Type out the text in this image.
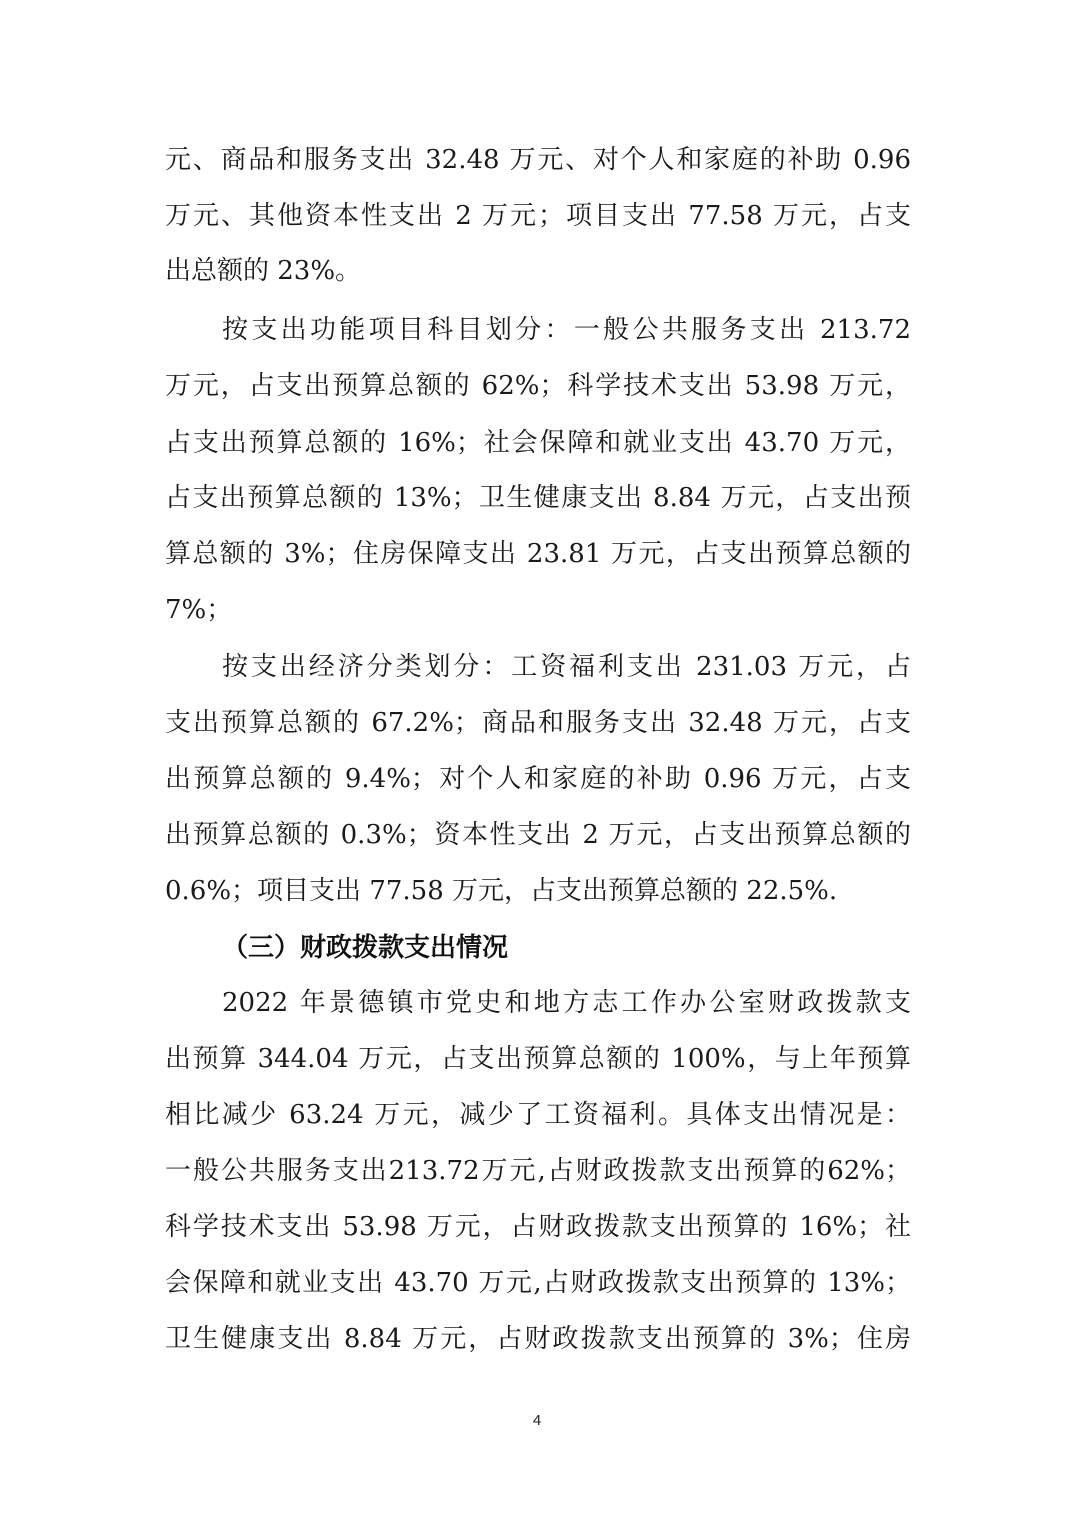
元、商品和服务支出 32.48 万元、对个人和家庭的补助 0.96
万元、其他资本性支出 2 万元；项目支出 77.58 万元，占支
出总额的 23%。
按支出功能项目科目划分：一般公共服务支出 213.72
万元，占支出预算总额的 62%；科学技术支出 53.98 万元，
占支出预算总额的 16%；社会保障和就业支出 43.70 万元，
占支出预算总额的 13%；卫生健康支出 8.84 万元，占支出预
算总额的 3%；住房保障支出 23.81 万元，占支出预算总额的
7%；
按支出经济分类划分：工资福利支出 231.03 万元，占
支出预算总额的 67.2%；商品和服务支出 32.48 万元，占支
出预算总额的 9.4%；对个人和家庭的补助 0.96 万元，占支
出预算总额的 0.3%；资本性支出 2 万元，占支出预算总额的
0.6%；项目支出 77.58 万元，占支出预算总额的 22.5%.
（三）财政拨款支出情况
2022 年景德镇市党史和地方志工作办公室财政拨款支
出预算 344.04 万元，占支出预算总额的 100%，与上年预算
相比减少 63.24 万元，减少了工资福利。具体支出情况是：
一般公共服务支出213.72万元,占财政拨款支出预算的62%；
科学技术支出 53.98 万元，占财政拨款支出预算的 16%；社
会保障和就业支出 43.70 万元,占财政拨款支出预算的 13%；
卫生健康支出 8.84 万元，占财政拨款支出预算的 3%；住房
4
